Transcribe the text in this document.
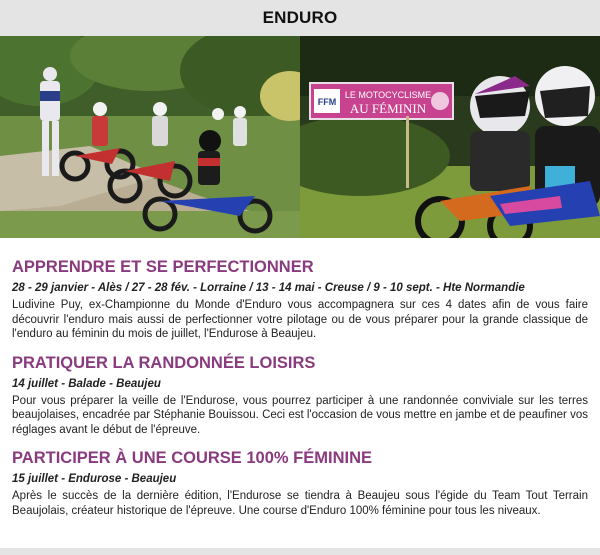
ENDURO
FFM
LE MOTOCYCLISME
AU FÉMININ
APPRENDRE ET SE PERFECTIONNER

28 - 29 janvier - Alès / 27 - 28 fév. - Lorraine / 13 - 14 mai - Creuse / 9 - 10 sept. - Hte Normandie

Ludivine Puy, ex-Championne du Monde d'Enduro vous accompagnera sur ces 4 dates afin de vous faire découvrir l'enduro mais aussi de perfectionner votre pilotage ou de vous préparer pour la grande classique de l'enduro au féminin du mois de juillet, l'Endurose à Beaujeu.

PRATIQUER LA RANDONNÉE LOISIRS

14 juillet - Balade - Beaujeu

Pour vous préparer la veille de l'Endurose, vous pourrez participer à une randonnée conviviale sur les terres beaujolaises, encadrée par Stéphanie Bouissou. Ceci est l'occasion de vous mettre en jambe et de peaufiner vos réglages avant le début de l'épreuve.

PARTICIPER À UNE COURSE 100% FÉMININE

15 juillet - Endurose - Beaujeu

Après le succès de la dernière édition, l'Endurose se tiendra à Beaujeu sous l'égide du Team Tout Terrain Beaujolais, créateur historique de l'épreuve. Une course d'Enduro 100% féminine pour tous les niveaux.
